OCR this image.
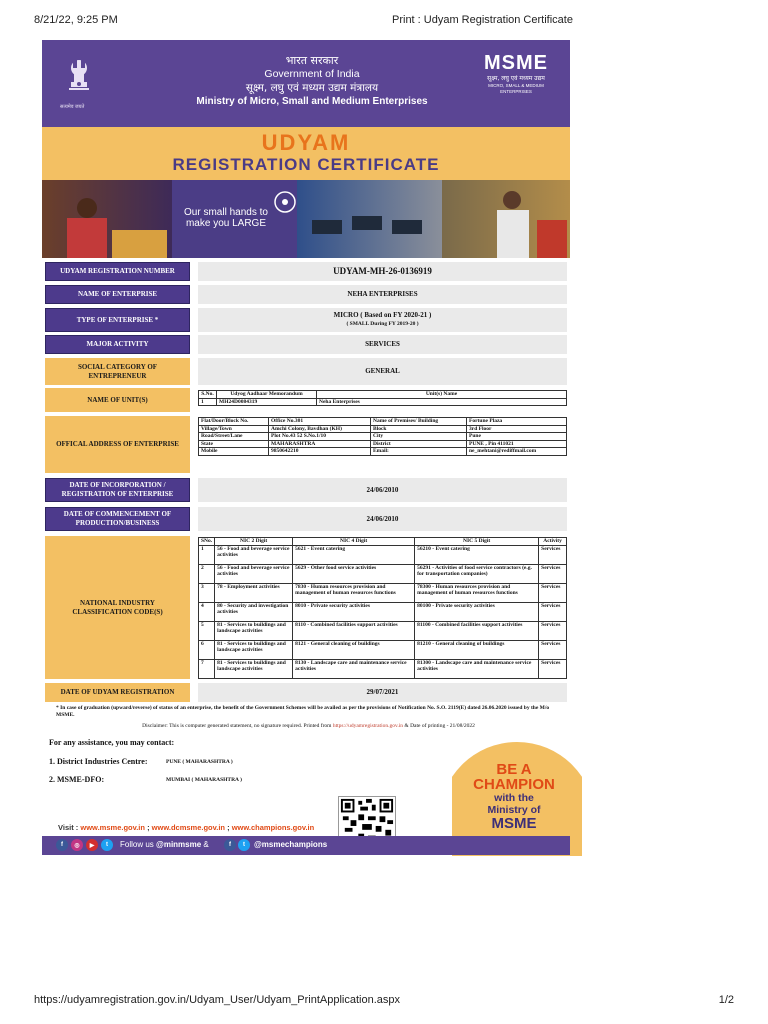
8/21/22, 9:25 PM	Print : Udyam Registration Certificate
सत्यमेव जयते
भारत सरकार
Government of India
सूक्ष्म, लघु एवं मध्यम उद्यम मंत्रालय
Ministry of Micro, Small and Medium Enterprises
MSME
सूक्ष्म, लघु एवं मध्यम उद्यम
MICRO, SMALL & MEDIUM ENTERPRISES
UDYAM
REGISTRATION CERTIFICATE
Our small hands to make you LARGE
UDYAM REGISTRATION NUMBER	UDYAM-MH-26-0136919
NAME OF ENTERPRISE	NEHA ENTERPRISES
TYPE OF ENTERPRISE *
MICRO ( Based on FY 2020-21 )
( SMALL During FY 2019-20 )
MAJOR ACTIVITY	SERVICES
SOCIAL CATEGORY OF ENTREPRENEUR
GENERAL
NAME OF UNIT(S)
S.No.	Udyog Aadhaar Memorandum	Unit(s) Name
1	MH24D0084319	Neha Enterprises
OFFICAL ADDRESS OF ENTERPRISE
Flat/Door/Block No.	Office No.301	Name of Premises/ Building	Fortune Plaza
Village/Town	Amchi Colony, Bavdhan (KH)	Block	3rd Floor
Road/Street/Lane	Plot No.43 52 S.No.1/10	City	Pune
State	MAHARASHTRA	District	PUNE , Pin 411021
Mobile	9850642210	Email:	ne_mehtani@rediffmail.com
DATE OF INCORPORATION / REGISTRATION OF ENTERPRISE
24/06/2010
DATE OF COMMENCEMENT OF PRODUCTION/BUSINESS
24/06/2010
NATIONAL INDUSTRY CLASSIFICATION CODE(S)
SNo.	NIC 2 Digit	NIC 4 Digit	NIC 5 Digit	Activity
1	56 - Food and beverage service activities	5621 - Event catering	56210 - Event catering	Services
2	56 - Food and beverage service activities	5629 - Other food service activities	56291 - Activities of food service contractors (e.g. for transportation companies)	Services
3	78 - Employment activities	7830 - Human resources provision and management of human resources functions	78300 - Human resources provision and management of human resources functions	Services
4	80 - Security and investigation activities	8010 - Private security activities	80100 - Private security activities	Services
5	81 - Services to buildings and landscape activities	8110 - Combined facilities support activities	81100 - Combined facilities support activities	Services
6	81 - Services to buildings and landscape activities	8121 - General cleaning of buildings	81210 - General cleaning of buildings	Services
7	81 - Services to buildings and landscape activities	8130 - Landscape care and maintenance service activities	81300 - Landscape care and maintenance service activities	Services
DATE OF UDYAM REGISTRATION	29/07/2021
* In case of graduation (upward/reverse) of status of an enterprise, the benefit of the Government Schemes will be availed as per the provisions of Notification No. S.O. 2119(E) dated 26.06.2020 issued by the M/o MSME.
Disclaimer: This is computer generated statement, no signature required. Printed from https://udyamregistration.gov.in & Date of printing - 21/08/2022
For any assistance, you may contact:
1. District Industries Centre:	PUNE ( MAHARASHTRA )
2. MSME-DFO:	MUMBAI ( MAHARASHTRA )
BE A
CHAMPION
with the
Ministry of
MSME
Visit : www.msme.gov.in ; www.dcmsme.gov.in ; www.champions.gov.in
f	◎	▶	t	Follow us @minmsme &	f	t	@msmechampions
https://udyamregistration.gov.in/Udyam_User/Udyam_PrintApplication.aspx	1/2
